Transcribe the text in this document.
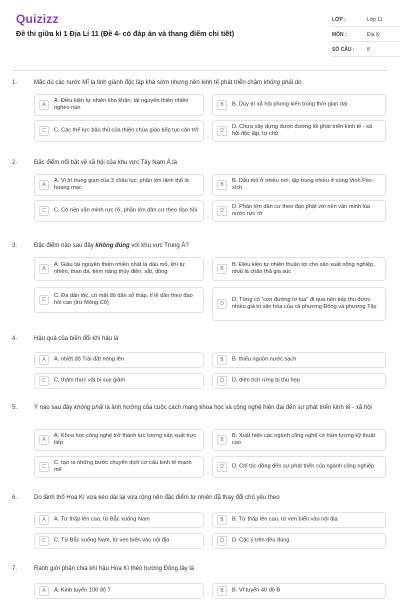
Quizizz
Đề thi giữa kì 1 Địa Lí 11 (Đề 4- có đáp án và thang điểm chi tiết)
LỚP :	Lớp 11
MÔN :	Địa lý
SỐ CÂU :	8
1.	Mặc dù các nước Mĩ la tinh giành độc lập khá sớm nhưng nền kinh tế phát triển chậm không phải do
A
A. Điều kiện tự nhiên khó khăn, tài nguyên thiên nhiên nghèo nàn	B	B. Duy trì xã hội phong kiến trong thời gian dài
C	C. Các thế lực bảo thủ của thiên chúa giáo tiếp tục cản trở	D
D. Chưa xây dựng được đường lối phát triển kinh tế - xã hội độc lập, tự chủ
2.	Đặc điểm nổi bật về xã hội của khu vực Tây Nam Á là
A
A. Vị trí trung gian của 3 châu lục, phần lớn lãnh thổ là hoang mạc	B
B. Dầu mỏ ở nhiều nơi, tập trung nhiều ở vùng Vịnh Péc-xích
C	C. Có nền văn minh rực rỡ, phần lớn dân cư theo đạo hồi	D
D. Phần lớn dân cư theo đạo phật với nền văn minh lúa nước rực rỡ
3.	Đặc điểm nào sau đây không đúng với khu vực Trung Á?
A
A. Giàu tài nguyên thiên nhiên nhất là dầu mỏ, khí tự nhiên, than đá, tiềm năng thủy điện, sắt, đồng	B
B. Điều kiện tự nhiên thuận lợi cho sản xuất nông nghiệp, nhất là chăn thả gia súc
C
C. Đa dân tộc, có mật độ dân số thấp, tỉ lệ dân theo đạo hồi cao (trừ Mông Cổ)	D
D. Từng có “con đường tơ lụa” đi qua nên tiếp thu được nhiều giá trị văn hóa của cả phương Đông và phương Tây
4.	Hậu quả của biến đổi khí hậu là
A	A. nhiệt độ Trái đất nóng lên	B	B. thiếu nguồn nước sạch
C	C. thảm thực vật bị suy giảm	D	D. diện tích rừng bị thu hẹp
5.	Ý nào sau đây không phải là ảnh hưởng của cuộc cách mạng khoa học và công nghệ hiện đại đến sự phát triển kinh tế - xã hội
A
A. Khoa học công nghệ trở thành lực lượng sản xuất trực tiếp	B
B. Xuất hiện các ngành công nghệ có hàm lượng kỹ thuật cao
C
C. tạo ra những bước chuyển dịch cơ cấu kinh tế mạnh mẽ	D	D. Chỉ tác động đến sự phát triển của ngành công nghiệp
6.	Do lãnh thổ Hoa Kì vừa kéo dài lại vừa rộng nên đặc điểm tự nhiên đã thay đổi chủ yếu theo
A	A. Từ thấp lên cao, từ Bắc xuống Nam	B	B. Từ thấp lên cao, từ ven biển vào nội địa
C	C. Từ Bắc xuống Nam, từ ven biển vào nội địa	D	D. Các ý trên đều đúng
7.	Ranh giới phân chia khí hậu Hoa Kì theo hướng Đông tây là
A	A. Kinh tuyến 100 độ T	B	B. Vĩ tuyến 40 độ B
